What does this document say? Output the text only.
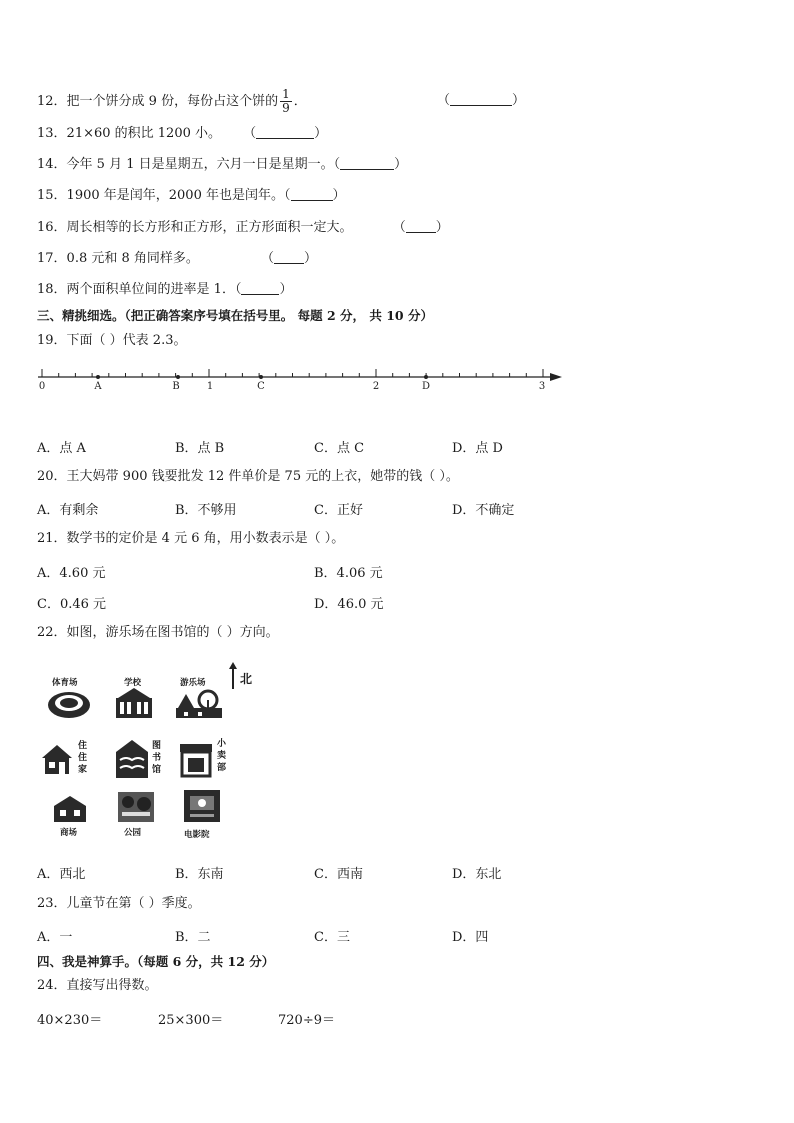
12．把一个饼分成 9 份，每份占这个饼的 $\frac{1}{9}$ ．	（	）
13．21×60 的积比 1200 小。 （	）
14．今年 5 月 1 日是星期五，六月一日是星期一。（	）
15．1900 年是闰年，2000 年也是闰年。（	）
16．周长相等的长方形和正方形，正方形面积一定大。	（ ）
17．0.8 元和 8 角同样多。	（ ）
18．两个面积单位间的进率是 1．（	）
三、精挑细选。（把正确答案序号填在括号里。 每题 2 分， 共 10 分）
19．下面（ ）代表 2.3。
0	A	B	1	C	2	D	3
A．点 A	B．点 B	C．点 C	D．点 D
20．王大妈带 900 钱要批发 12 件单价是 75 元的上衣，她带的钱（ ）。
A．有剩余	B．不够用	C．正好	D．不确定
21．数学书的定价是 4 元 6 角，用小数表示是（ ）。
A．4.60 元	B．4.06 元
C．0.46 元	D．46.0 元
22．如图，游乐场在图书馆的（ ）方向。
北
体育场	学校	游乐场
住
住
家
图
书
馆
小
卖
部
商场	公园	电影院
A．西北	B．东南	C．西南	D．东北
23．儿童节在第（ ）季度。
A．一	B．二	C．三	D．四
四、我是神算手。（每题 6 分，共 12 分）
24．直接写出得数。
40×230＝	25×300＝	720÷9＝
